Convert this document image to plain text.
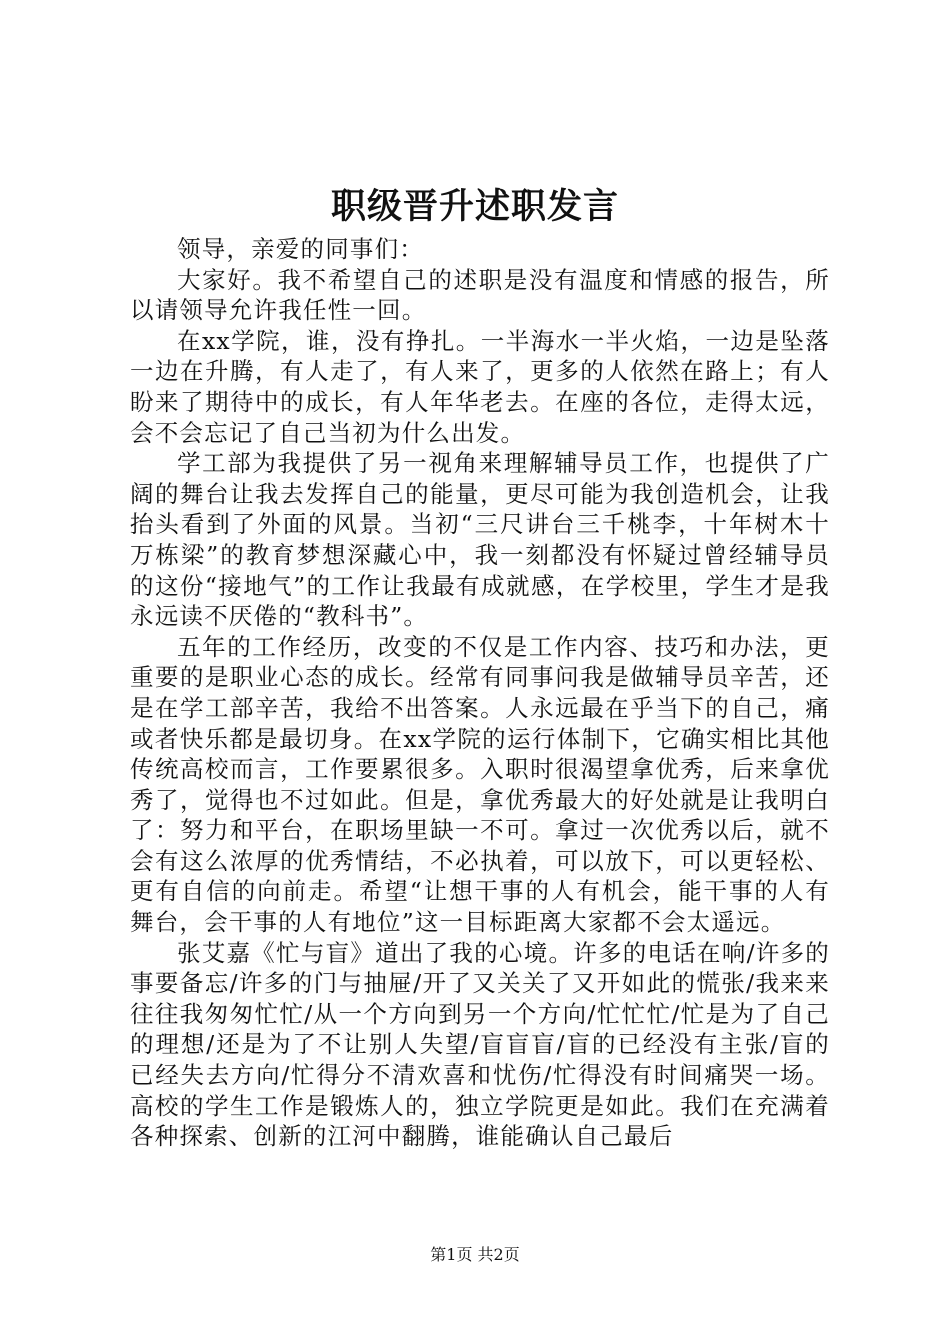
职级晋升述职发言

领导，亲爱的同事们：

大家好。我不希望自己的述职是没有温度和情感的报告，所以请领导允许我任性一回。

在xx学院，谁，没有挣扎。一半海水一半火焰，一边是坠落一边在升腾，有人走了，有人来了，更多的人依然在路上；有人盼来了期待中的成长，有人年华老去。在座的各位，走得太远，会不会忘记了自己当初为什么出发。

学工部为我提供了另一视角来理解辅导员工作，也提供了广阔的舞台让我去发挥自己的能量，更尽可能为我创造机会，让我抬头看到了外面的风景。当初“三尺讲台三千桃李，十年树木十万栋梁”的教育梦想深藏心中，我一刻都没有怀疑过曾经辅导员的这份“接地气”的工作让我最有成就感，在学校里，学生才是我永远读不厌倦的“教科书”。

五年的工作经历，改变的不仅是工作内容、技巧和办法，更重要的是职业心态的成长。经常有同事问我是做辅导员辛苦，还是在学工部辛苦，我给不出答案。人永远最在乎当下的自己，痛或者快乐都是最切身。在xx学院的运行体制下，它确实相比其他传统高校而言，工作要累很多。入职时很渴望拿优秀，后来拿优秀了，觉得也不过如此。但是，拿优秀最大的好处就是让我明白了：努力和平台，在职场里缺一不可。拿过一次优秀以后，就不会有这么浓厚的优秀情结，不必执着，可以放下，可以更轻松、更有自信的向前走。希望“让想干事的人有机会，能干事的人有舞台，会干事的人有地位”这一目标距离大家都不会太遥远。

张艾嘉《忙与盲》道出了我的心境。许多的电话在响/许多的事要备忘/许多的门与抽屉/开了又关关了又开如此的慌张/我来来往往我匆匆忙忙/从一个方向到另一个方向/忙忙忙/忙是为了自己的理想/还是为了不让别人失望/盲盲盲/盲的已经没有主张/盲的已经失去方向/忙得分不清欢喜和忧伤/忙得没有时间痛哭一场。高校的学生工作是锻炼人的，独立学院更是如此。我们在充满着各种探索、创新的江河中翻腾，谁能确认自己最后

第1页 共2页
